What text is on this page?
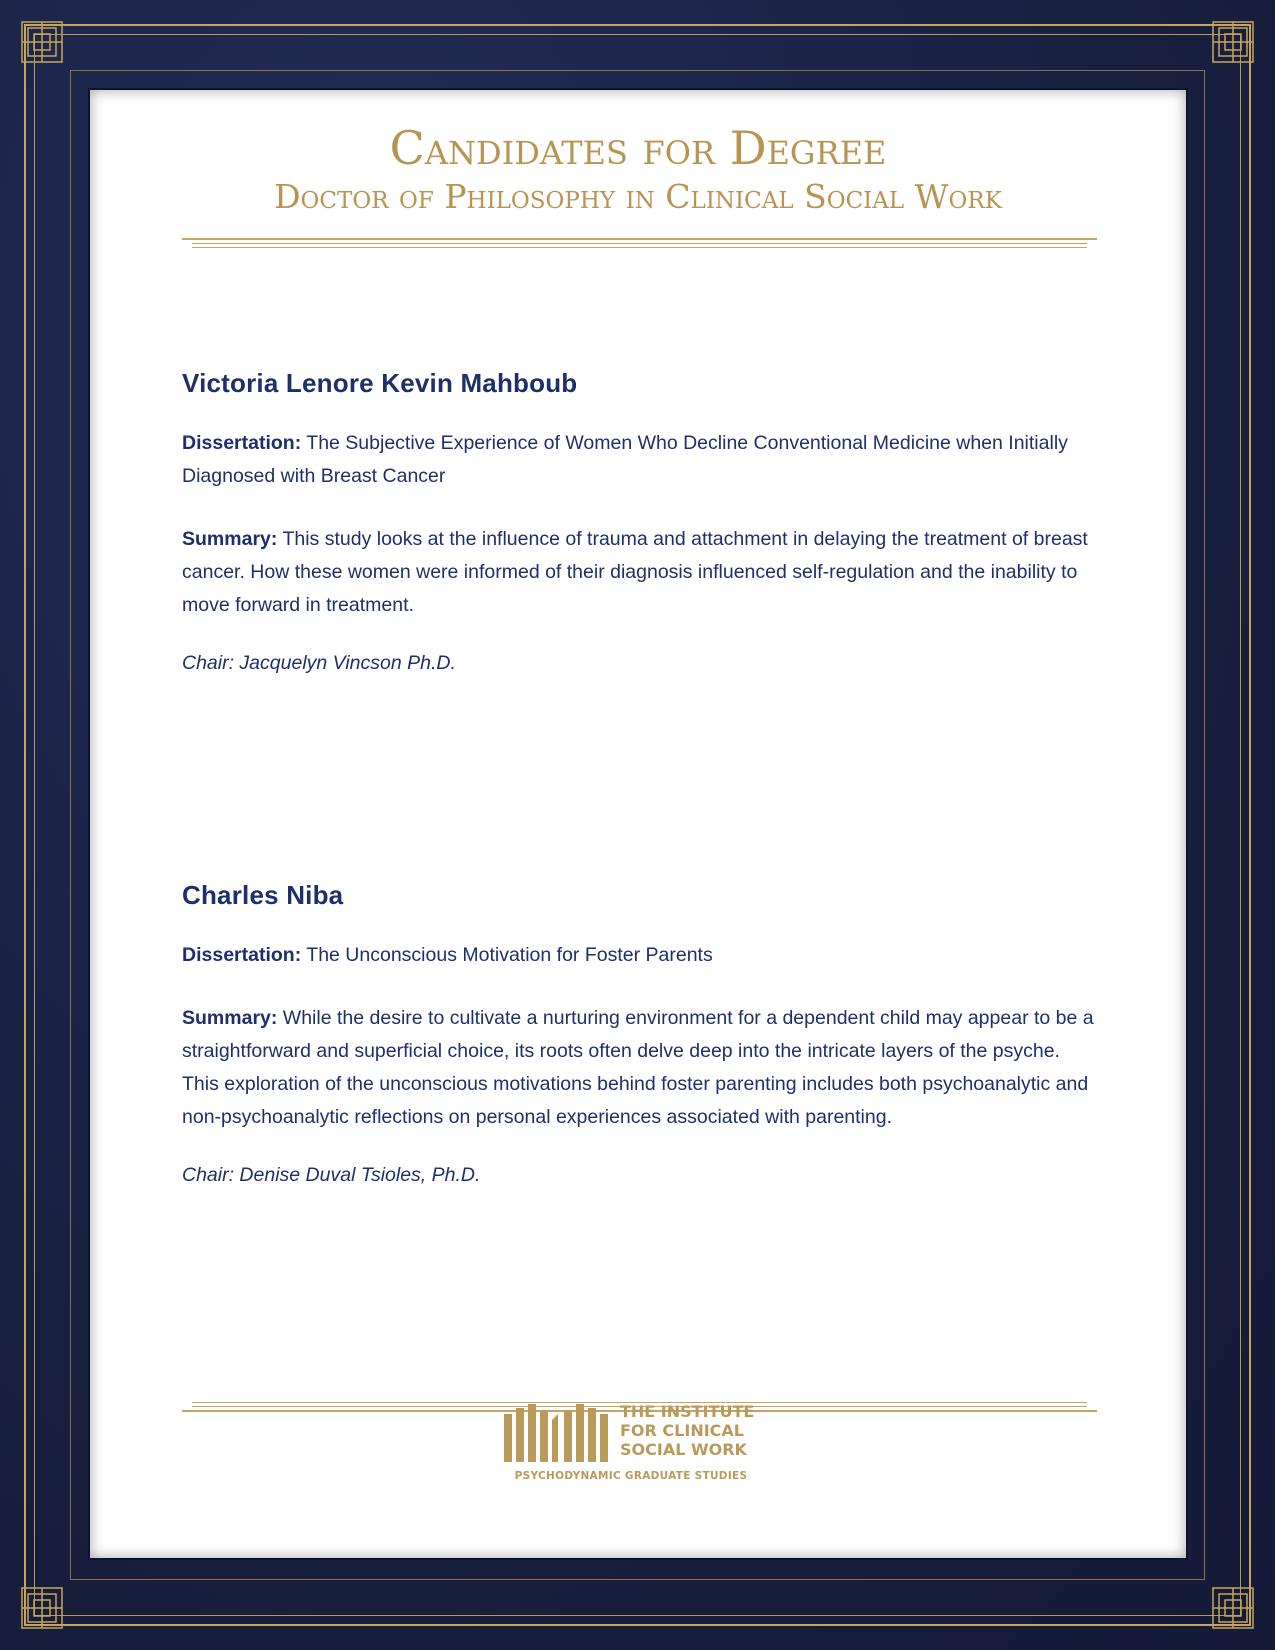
Candidates for Degree
Doctor of Philosophy in Clinical Social Work
Victoria Lenore Kevin Mahboub

Dissertation: The Subjective Experience of Women Who Decline Conventional Medicine when Initially Diagnosed with Breast Cancer

Summary: This study looks at the influence of trauma and attachment in delaying the treatment of breast cancer. How these women were informed of their diagnosis influenced self-regulation and the inability to move forward in treatment.

Chair: Jacquelyn Vincson Ph.D.

Charles Niba

Dissertation: The Unconscious Motivation for Foster Parents

Summary: While the desire to cultivate a nurturing environment for a dependent child may appear to be a straightforward and superficial choice, its roots often delve deep into the intricate layers of the psyche. This exploration of the unconscious motivations behind foster parenting includes both psychoanalytic and non-psychoanalytic reflections on personal experiences associated with parenting.

Chair: Denise Duval Tsioles, Ph.D.

THE INSTITUTE
FOR CLINICAL
SOCIAL WORK
PSYCHODYNAMIC GRADUATE STUDIES
